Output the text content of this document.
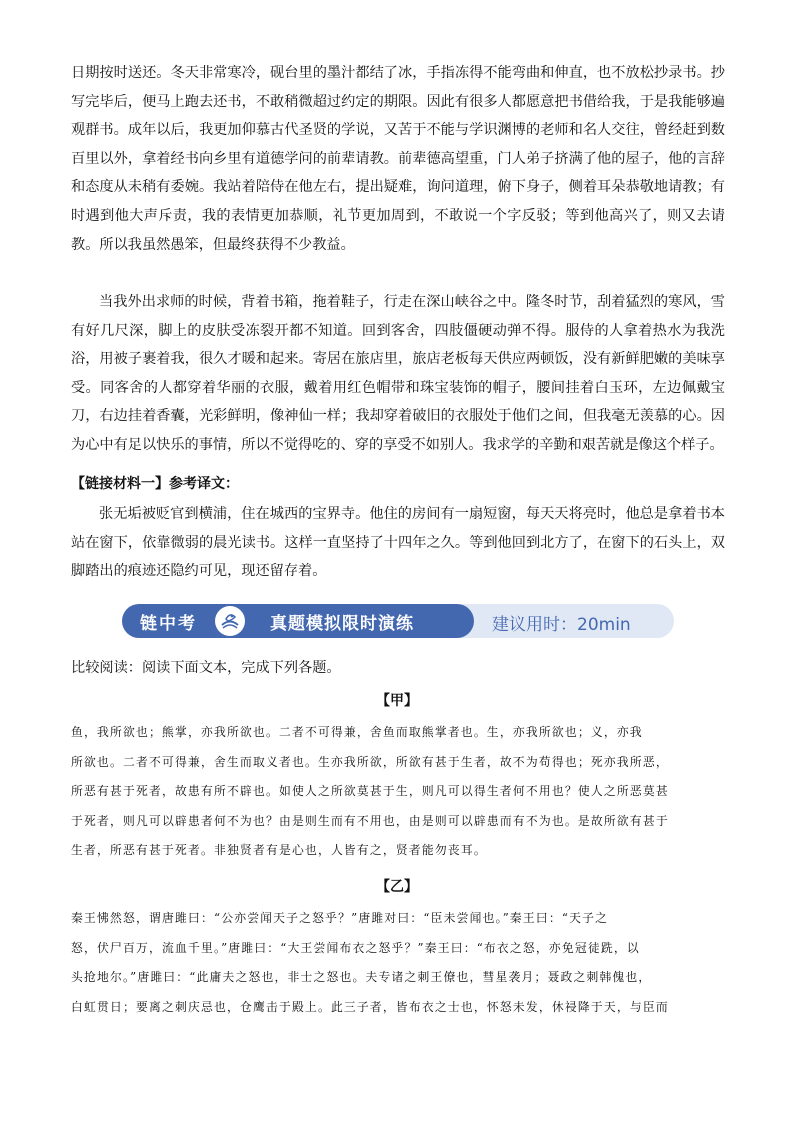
日期按时送还。冬天非常寒冷，砚台里的墨汁都结了冰，手指冻得不能弯曲和伸直，也不放松抄录书。抄写完毕后，便马上跑去还书，不敢稍微超过约定的期限。因此有很多人都愿意把书借给我，于是我能够遍观群书。成年以后，我更加仰慕古代圣贤的学说，又苦于不能与学识渊博的老师和名人交往，曾经赶到数百里以外，拿着经书向乡里有道德学问的前辈请教。前辈德高望重，门人弟子挤满了他的屋子，他的言辞和态度从未稍有委婉。我站着陪侍在他左右，提出疑难，询问道理，俯下身子，侧着耳朵恭敬地请教；有时遇到他大声斥责，我的表情更加恭顺，礼节更加周到，不敢说一个字反驳；等到他高兴了，则又去请教。所以我虽然愚笨，但最终获得不少教益。

当我外出求师的时候，背着书箱，拖着鞋子，行走在深山峡谷之中。隆冬时节，刮着猛烈的寒风，雪有好几尺深，脚上的皮肤受冻裂开都不知道。回到客舍，四肢僵硬动弹不得。服侍的人拿着热水为我洗浴，用被子裹着我，很久才暖和起来。寄居在旅店里，旅店老板每天供应两顿饭，没有新鲜肥嫩的美味享受。同客舍的人都穿着华丽的衣服，戴着用红色帽带和珠宝装饰的帽子，腰间挂着白玉环，左边佩戴宝刀，右边挂着香囊，光彩鲜明，像神仙一样；我却穿着破旧的衣服处于他们之间，但我毫无羡慕的心。因为心中有足以快乐的事情，所以不觉得吃的、穿的享受不如别人。我求学的辛勤和艰苦就是像这个样子。

【链接材料一】参考译文：

张无垢被贬官到横浦，住在城西的宝界寺。他住的房间有一扇短窗，每天天将亮时，他总是拿着书本站在窗下，依靠微弱的晨光读书。这样一直坚持了十四年之久。等到他回到北方了，在窗下的石头上，双脚踏出的痕迹还隐约可见，现还留存着。

链中考	真题模拟限时演练	建议用时：20min
比较阅读：阅读下面文本，完成下列各题。
【甲】
鱼，我所欲也；熊掌，亦我所欲也。二者不可得兼，舍鱼而取熊掌者也。生，亦我所欲也；义，亦我
所欲也。二者不可得兼，舍生而取义者也。生亦我所欲，所欲有甚于生者，故不为苟得也；死亦我所恶，
所恶有甚于死者，故患有所不辟也。如使人之所欲莫甚于生，则凡可以得生者何不用也？使人之所恶莫甚
于死者，则凡可以辟患者何不为也？由是则生而有不用也，由是则可以辟患而有不为也。是故所欲有甚于
生者，所恶有甚于死者。非独贤者有是心也，人皆有之，贤者能勿丧耳。
【乙】
秦王怫然怒，谓唐雎曰：“公亦尝闻天子之怒乎？”唐雎对曰：“臣未尝闻也。”秦王曰：“天子之
怒，伏尸百万，流血千里。”唐雎曰：“大王尝闻布衣之怒乎？”秦王曰：“布衣之怒，亦免冠徒跣，以
头抢地尔。”唐雎曰：“此庸夫之怒也，非士之怒也。夫专诸之刺王僚也，彗星袭月；聂政之刺韩傀也，
白虹贯日；要离之刺庆忌也，仓鹰击于殿上。此三子者，皆布衣之士也，怀怒未发，休祲降于天，与臣而
